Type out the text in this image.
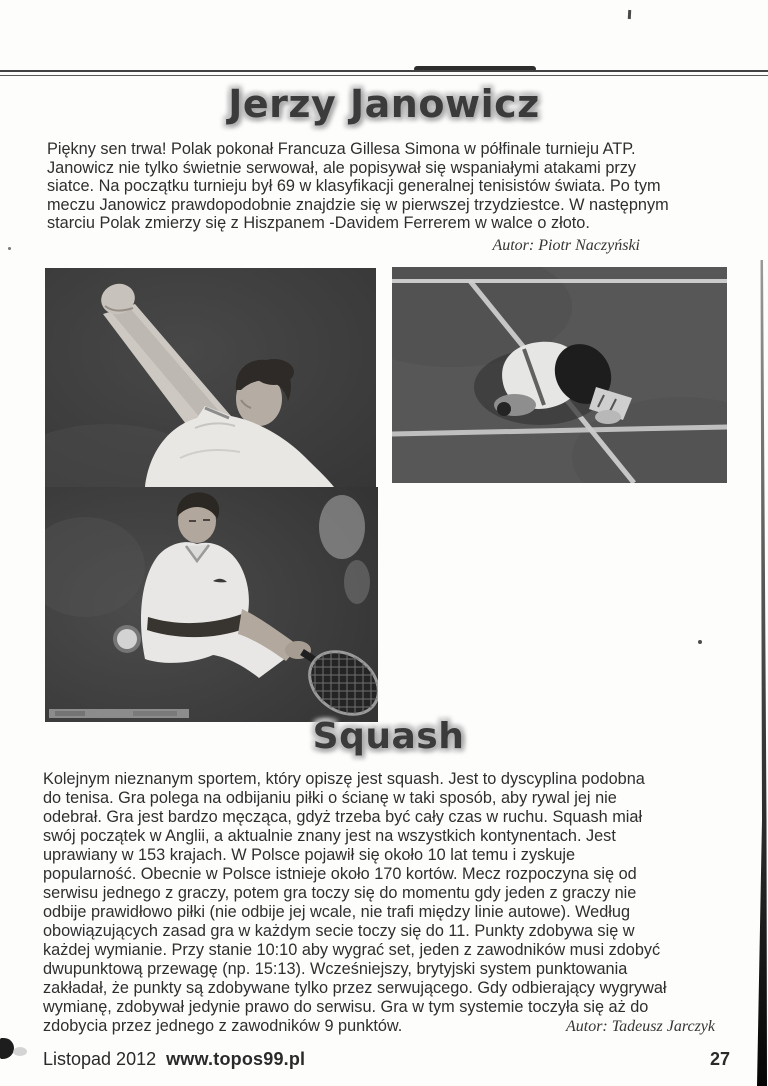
Jerzy Janowicz
Piękny sen trwa! Polak pokonał Francuza Gillesa Simona w półfinale turnieju ATP.
Janowicz nie tylko świetnie serwował, ale popisywał się wspaniałymi atakami przy
siatce. Na początku turnieju był 69 w klasyfikacji generalnej tenisistów świata. Po tym
meczu Janowicz prawdopodobnie znajdzie się w pierwszej trzydziestce. W następnym
starciu Polak zmierzy się z Hiszpanem -Davidem Ferrerem w walce o złoto.
Autor: Piotr Naczyński
Squash
Kolejnym nieznanym sportem, który opiszę jest squash. Jest to dyscyplina podobna
do tenisa. Gra polega na odbijaniu piłki o ścianę w taki sposób, aby rywal jej nie
odebrał. Gra jest bardzo męcząca, gdyż trzeba być cały czas w ruchu. Squash miał
swój początek w Anglii, a aktualnie znany jest na wszystkich kontynentach. Jest
uprawiany w 153 krajach. W Polsce pojawił się około 10 lat temu i zyskuje
popularność. Obecnie w Polsce istnieje około 170 kortów. Mecz rozpoczyna się od
serwisu jednego z graczy, potem gra toczy się do momentu gdy jeden z graczy nie
odbije prawidłowo piłki (nie odbije jej wcale, nie trafi między linie autowe). Według
obowiązujących zasad gra w każdym secie toczy się do 11. Punkty zdobywa się w
każdej wymianie. Przy stanie 10:10 aby wygrać set, jeden z zawodników musi zdobyć
dwupunktową przewagę (np. 15:13). Wcześniejszy, brytyjski system punktowania
zakładał, że punkty są zdobywane tylko przez serwującego. Gdy odbierający wygrywał
wymianę, zdobywał jedynie prawo do serwisu. Gra w tym systemie toczyła się aż do
zdobycia przez jednego z zawodników 9 punktów.	Autor: Tadeusz Jarczyk
Listopad 2012 www.topos99.pl	27
